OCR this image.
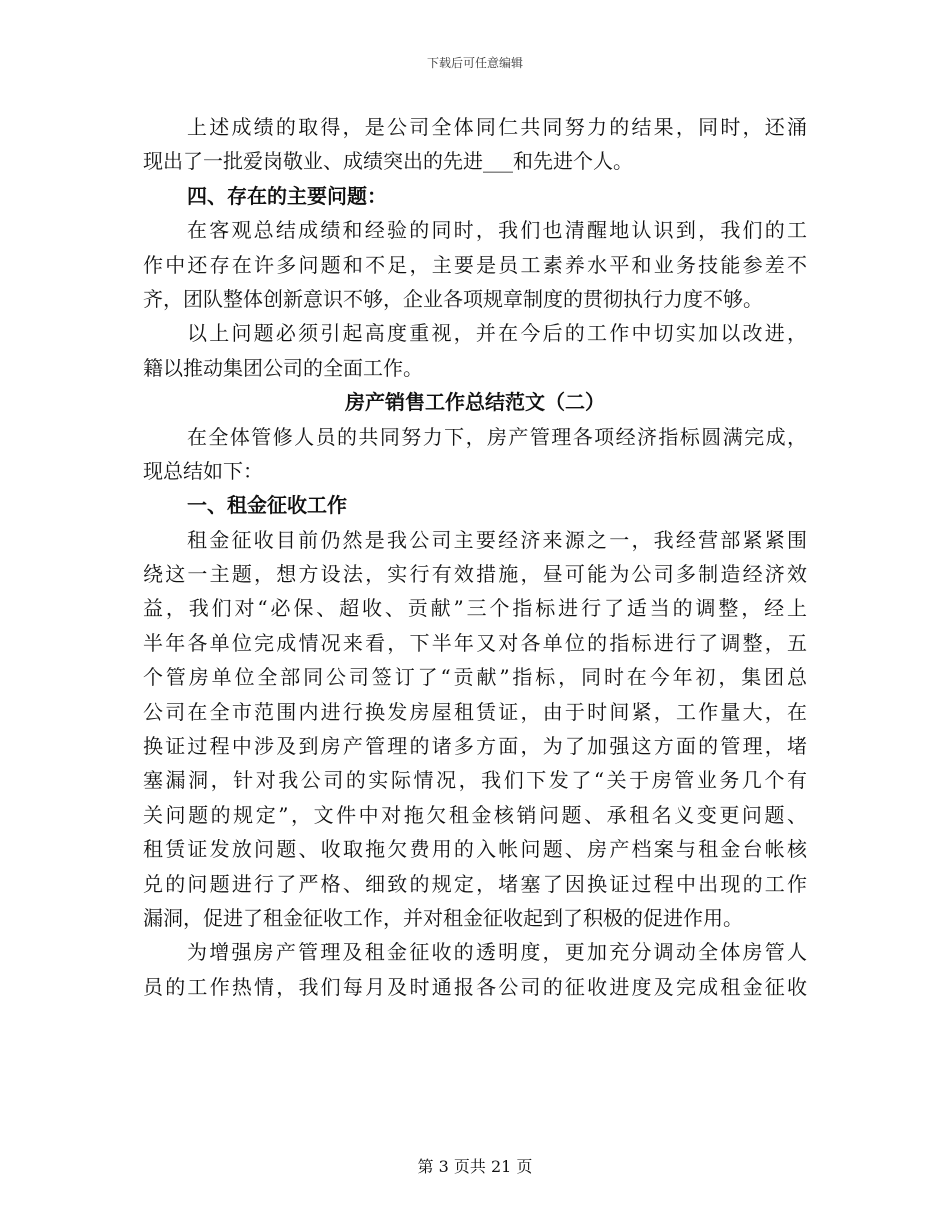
下载后可任意编辑
上述成绩的取得，是公司全体同仁共同努力的结果，同时，还涌
现出了一批爱岗敬业、成绩突出的先进___和先进个人。
四、存在的主要问题：
在客观总结成绩和经验的同时，我们也清醒地认识到，我们的工
作中还存在许多问题和不足，主要是员工素养水平和业务技能参差不
齐，团队整体创新意识不够，企业各项规章制度的贯彻执行力度不够。
以上问题必须引起高度重视，并在今后的工作中切实加以改进，
籍以推动集团公司的全面工作。
房产销售工作总结范文（二）
在全体管修人员的共同努力下，房产管理各项经济指标圆满完成，
现总结如下：
一、租金征收工作
租金征收目前仍然是我公司主要经济来源之一，我经营部紧紧围
绕这一主题，想方设法，实行有效措施，昼可能为公司多制造经济效
益，我们对“必保、超收、贡献”三个指标进行了适当的调整，经上
半年各单位完成情况来看，下半年又对各单位的指标进行了调整，五
个管房单位全部同公司签订了“贡献”指标，同时在今年初，集团总
公司在全市范围内进行换发房屋租赁证，由于时间紧，工作量大，在
换证过程中涉及到房产管理的诸多方面，为了加强这方面的管理，堵
塞漏洞，针对我公司的实际情况，我们下发了“关于房管业务几个有
关问题的规定”，文件中对拖欠租金核销问题、承租名义变更问题、
租赁证发放问题、收取拖欠费用的入帐问题、房产档案与租金台帐核
兑的问题进行了严格、细致的规定，堵塞了因换证过程中出现的工作
漏洞，促进了租金征收工作，并对租金征收起到了积极的促进作用。
为增强房产管理及租金征收的透明度，更加充分调动全体房管人
员的工作热情，我们每月及时通报各公司的征收进度及完成租金征收
第 3 页共 21 页
